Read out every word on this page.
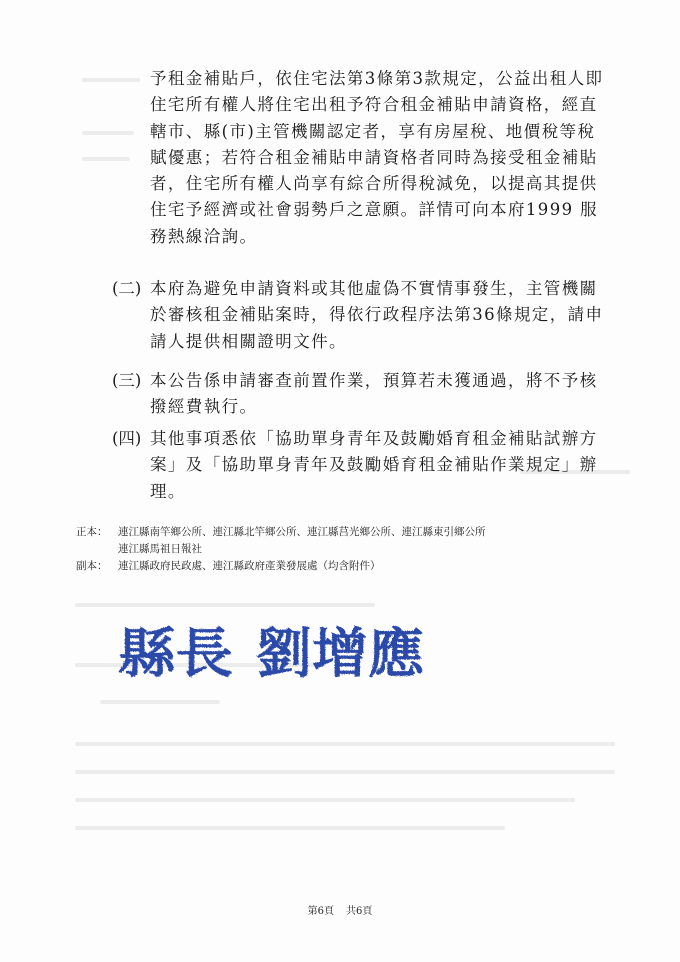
予租金補貼戶，依住宅法第3條第3款規定，公益出租人即
住宅所有權人將住宅出租予符合租金補貼申請資格，經直
轄市、縣(市)主管機關認定者，享有房屋稅、地價稅等稅
賦優惠；若符合租金補貼申請資格者同時為接受租金補貼
者，住宅所有權人尚享有綜合所得稅減免，以提高其提供
住宅予經濟或社會弱勢戶之意願。詳情可向本府1999 服
務熱線洽詢。
(二) 本府為避免申請資料或其他虛偽不實情事發生，主管機關
於審核租金補貼案時，得依行政程序法第36條規定，請申
請人提供相關證明文件。
(三) 本公告係申請審查前置作業，預算若未獲通過，將不予核
撥經費執行。
(四) 其他事項悉依「協助單身青年及鼓勵婚育租金補貼試辦方
案」及「協助單身青年及鼓勵婚育租金補貼作業規定」辦
理。
正本： 連江縣南竿鄉公所、連江縣北竿鄉公所、連江縣莒光鄉公所、連江縣東引鄉公所
連江縣馬祖日報社
副本： 連江縣政府民政處、連江縣政府產業發展處（均含附件）
縣長 劉增應
第6頁 共6頁
